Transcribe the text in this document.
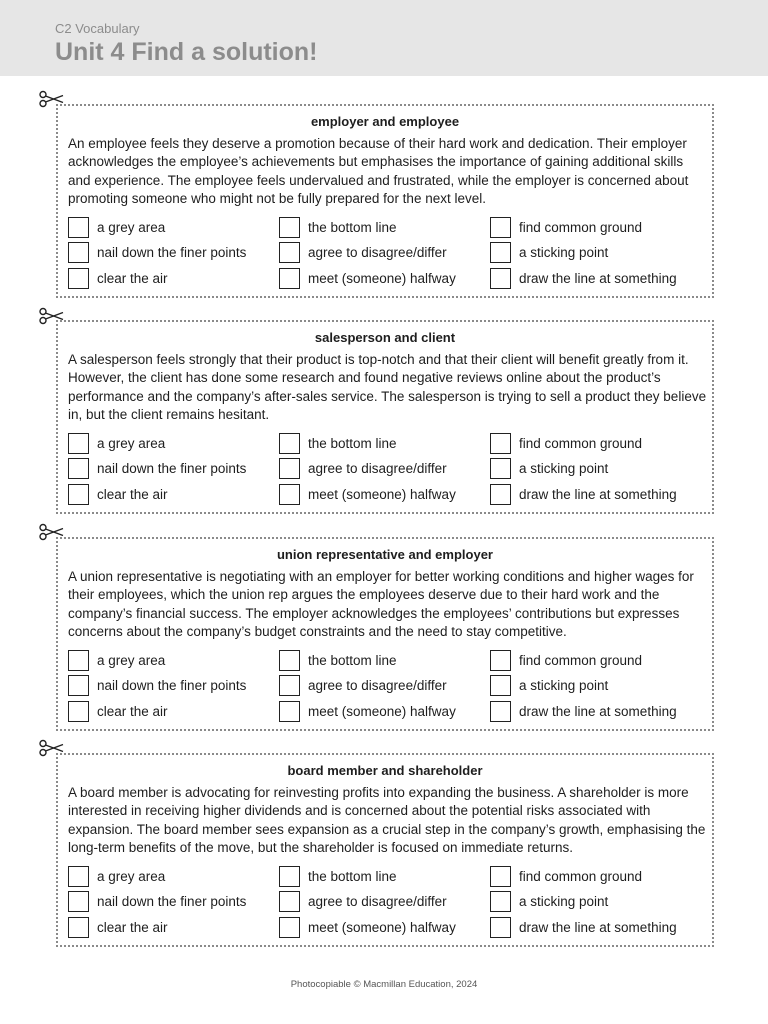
C2 Vocabulary
Unit 4 Find a solution!
employer and employee

An employee feels they deserve a promotion because of their hard work and dedication. Their employer acknowledges the employee’s achievements but emphasises the importance of gaining additional skills and experience. The employee feels undervalued and frustrated, while the employer is concerned about promoting someone who might not be fully prepared for the next level.

a grey area	the bottom line	find common ground
nail down the finer points	agree to disagree/differ	a sticking point
clear the air	meet (someone) halfway	draw the line at something
salesperson and client

A salesperson feels strongly that their product is top-notch and that their client will benefit greatly from it. However, the client has done some research and found negative reviews online about the product’s performance and the company’s after-sales service. The salesperson is trying to sell a product they believe in, but the client remains hesitant.

a grey area	the bottom line	find common ground
nail down the finer points	agree to disagree/differ	a sticking point
clear the air	meet (someone) halfway	draw the line at something
union representative and employer

A union representative is negotiating with an employer for better working conditions and higher wages for their employees, which the union rep argues the employees deserve due to their hard work and the company’s financial success. The employer acknowledges the employees’ contributions but expresses concerns about the company’s budget constraints and the need to stay competitive.

a grey area	the bottom line	find common ground
nail down the finer points	agree to disagree/differ	a sticking point
clear the air	meet (someone) halfway	draw the line at something
board member and shareholder

A board member is advocating for reinvesting profits into expanding the business. A shareholder is more interested in receiving higher dividends and is concerned about the potential risks associated with expansion. The board member sees expansion as a crucial step in the company’s growth, emphasising the long-term benefits of the move, but the shareholder is focused on immediate returns.

a grey area	the bottom line	find common ground
nail down the finer points	agree to disagree/differ	a sticking point
clear the air	meet (someone) halfway	draw the line at something
Photocopiable © Macmillan Education, 2024
